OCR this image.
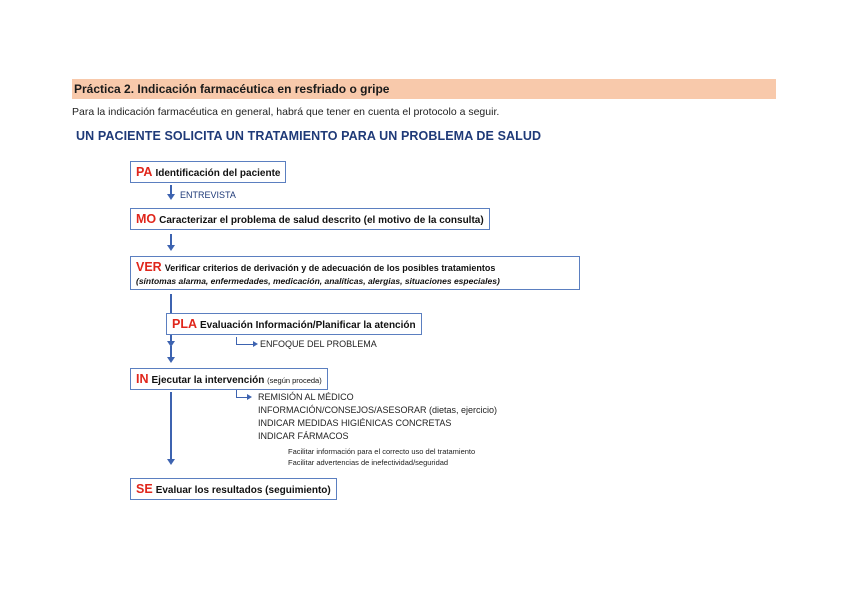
Práctica 2. Indicación farmacéutica en resfriado o gripe
Para la indicación farmacéutica en general, habrá que tener en cuenta el protocolo a seguir.
UN PACIENTE SOLICITA UN TRATAMIENTO PARA UN PROBLEMA DE SALUD
PA Identificación del paciente
ENTREVISTA
MO Caracterizar el problema de salud descrito (el motivo de la consulta)
VER Verificar criterios de derivación y de adecuación de los posibles tratamientos
(síntomas alarma, enfermedades, medicación, analíticas, alergias, situaciones especiales)
PLA Evaluación Información/Planificar la atención
ENFOQUE DEL PROBLEMA
IN Ejecutar la intervención (según proceda)
REMISIÓN AL MÉDICO
INFORMACIÓN/CONSEJOS/ASESORAR (dietas, ejercicio)
INDICAR MEDIDAS HIGIÉNICAS CONCRETAS
INDICAR FÁRMACOS
Facilitar información para el correcto uso del tratamiento
Facilitar advertencias de inefectividad/seguridad
SE Evaluar los resultados (seguimiento)
